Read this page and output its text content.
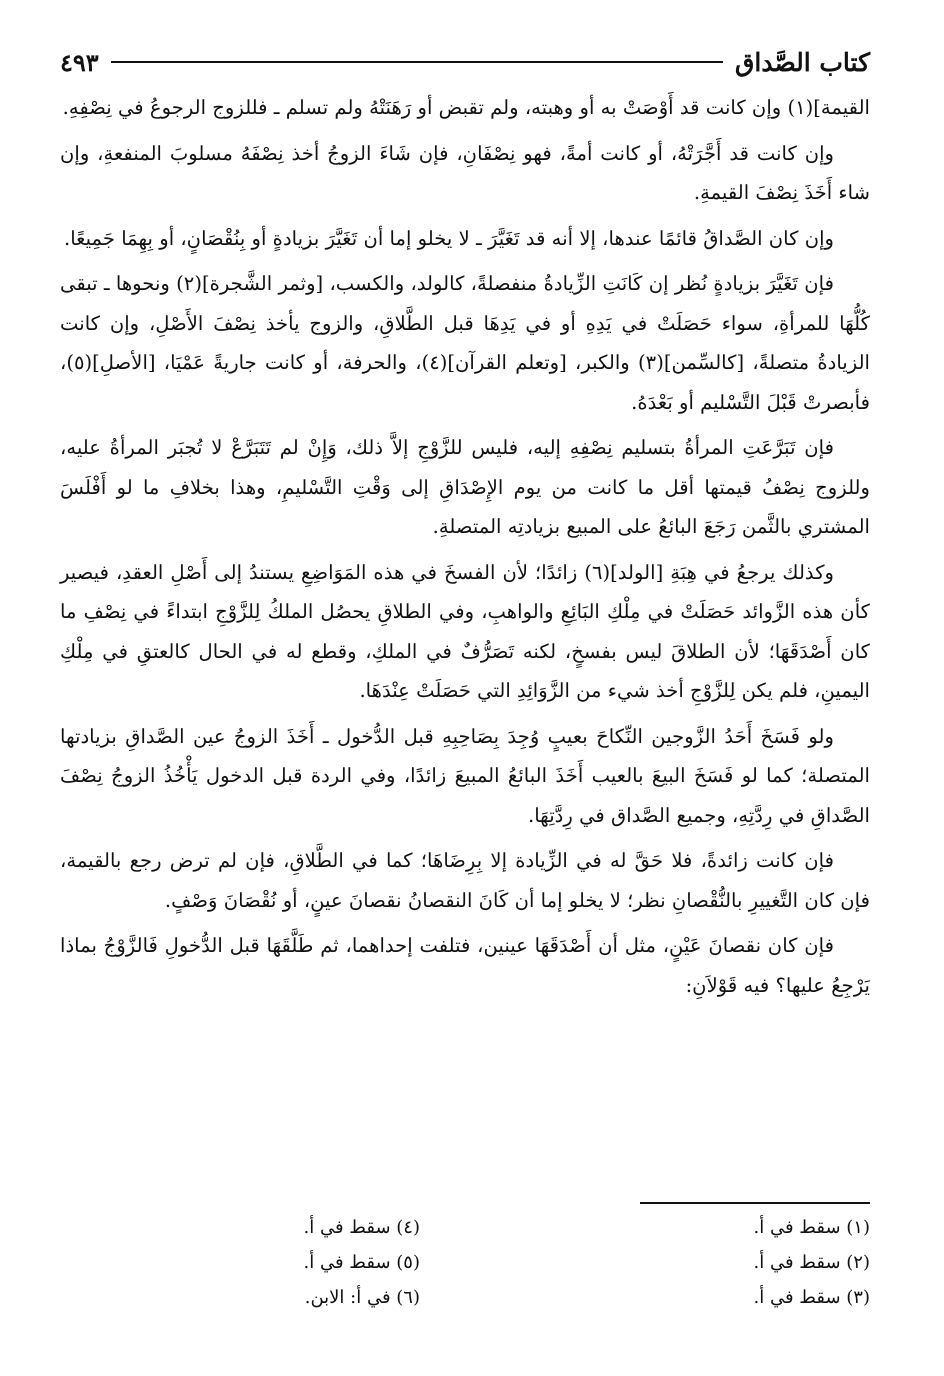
كتاب الصَّداق
٤٩٣

القيمة](١) وإن كانت قد أَوْصَتْ به أو وهبته، ولم تقبض أو رَهَنَتْهُ ولم تسلم ـ فللزوج الرجوعُ في نِصْفِهِ.

وإن كانت قد أَجَّرَتْهُ، أو كانت أمةً، فهو نِصْفَانِ، فإن شَاءَ الزوجُ أخذ نِصْفَهُ مسلوبَ المنفعةِ، وإن شاء أَخَذَ نِصْفَ القيمةِ.

وإن كان الصَّداقُ قائمًا عندها، إلا أنه قد تَغَيَّرَ ـ لا يخلو إما أن تَغَيَّرَ بزيادةٍ أو بِنُقْصَانٍ، أو بِهِمَا جَمِيعًا.

فإن تَغَيَّرَ بزيادةٍ نُظر إن كَانَتِ الزِّيادةُ منفصلةً، كالولد، والكسب، [وثمر الشَّجرة](٢) ونحوها ـ تبقى كُلُّهَا للمرأةِ، سواء حَصَلَتْ في يَدِهِ أو في يَدِهَا قبل الطَّلاقِ، والزوج يأخذ نِصْفَ الأَصْلِ، وإن كانت الزيادةُ متصلةً، [كالسِّمن](٣) والكبر، [وتعلم القرآن](٤)، والحرفة، أو كانت جاريةً عَمْيَا، [الأصلِ](٥)، فأبصرتْ قَبْلَ التَّسْليم أو بَعْدَهُ.

فإن تَبَرَّعَتِ المرأةُ بتسليم نِصْفِهِ إليه، فليس للزَّوْجِ إلاَّ ذلك، وَإِنْ لم تَتَبَرَّعْ لا تُجبَر المرأةُ عليه، وللزوج نِصْفُ قيمتها أقل ما كانت من يوم الإِصْدَاقِ إلى وَقْتِ التَّسْليمِ، وهذا بخلافِ ما لو أَفْلَسَ المشتري بالثَّمن رَجَعَ البائعُ على المبيع بزيادتِه المتصلةِ.

وكذلك يرجعُ في هِبَةِ [الولد](٦) زائدًا؛ لأن الفسخَ في هذه المَوَاضِعِ يستندُ إلى أَصْلِ العقدِ، فيصير كأن هذه الزَّوائد حَصَلَتْ في مِلْكِ البَائِعِ والواهبِ، وفي الطلاقِ يحصُل الملكُ لِلزَّوْجِ ابتداءً في نِصْفِ ما كان أَصْدَقَهَا؛ لأن الطلاقَ ليس بفسخٍ، لكنه تَصَرُّفٌ في الملكِ، وقطع له في الحال كالعتقِ في مِلْكِ اليمينِ، فلم يكن لِلزَّوْجِ أخذ شيء من الزَّوَائِدِ التي حَصَلَتْ عِنْدَهَا.

ولو فَسَخَ أَحَدُ الزَّوجين النِّكاحَ بعيبٍ وُجِدَ بِصَاحِبِهِ قبل الدُّخول ـ أَخَذَ الزوجُ عين الصَّداقِ بزيادتها المتصلة؛ كما لو فَسَخَ البيعَ بالعيب أَخَذَ البائعُ المبيعَ زائدًا، وفي الردة قبل الدخول يَأْخُذُ الزوجُ نِصْفَ الصَّداقِ في رِدَّتِهِ، وجميع الصَّداق في رِدَّتِهَا.

فإن كانت زائدةً، فلا حَقَّ له في الزِّيادة إلا بِرِضَاهَا؛ كما في الطَّلاقِ، فإن لم ترض رجع بالقيمة، فإن كان التَّغييرِ بالنُّقْصانِ نظر؛ لا يخلو إما أن كَانَ النقصانُ نقصانَ عينٍ، أو نُقْصَانَ وَصْفٍ.

فإن كان نقصانَ عَيْنٍ، مثل أن أَصْدَقَهَا عينين، فتلفت إحداهما، ثم طَلَّقَهَا قبل الدُّخولِ فَالزَّوْجُ بماذا يَرْجِعُ عليها؟ فيه قَوْلاَنِ:

(١) سقط في أ.
(٢) سقط في أ.
(٣) سقط في أ.
(٤) سقط في أ.
(٥) سقط في أ.
(٦) في أ: الابن.
